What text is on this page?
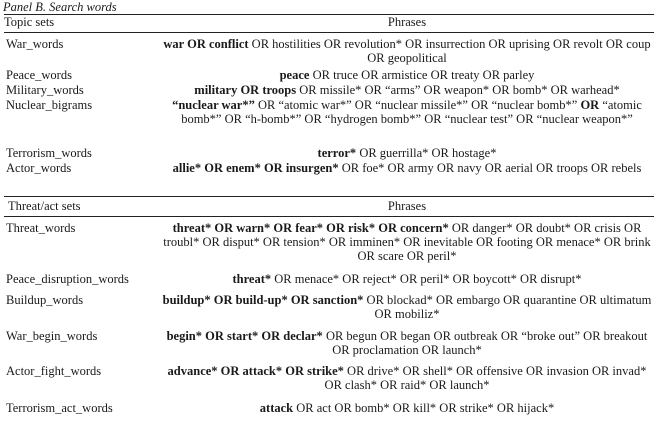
Panel B. Search words
Topic sets	Phrases
War_words	war OR conflict OR hostilities OR revolution* OR insurrection OR uprising OR revolt OR coup OR geopolitical
Peace_words	peace OR truce OR armistice OR treaty OR parley
Military_words	military OR troops OR missile* OR “arms” OR weapon* OR bomb* OR warhead*
Nuclear_bigrams	“nuclear war*” OR “atomic war*” OR “nuclear missile*” OR “nuclear bomb*” OR “atomic bomb*” OR “h-bomb*” OR “hydrogen bomb*” OR “nuclear test” OR “nuclear weapon*”
Terrorism_words	terror* OR guerrilla* OR hostage*
Actor_words	allie* OR enem* OR insurgen* OR foe* OR army OR navy OR aerial OR troops OR rebels
Threat/act sets	Phrases
Threat_words	threat* OR warn* OR fear* OR risk* OR concern* OR danger* OR doubt* OR crisis OR troubl* OR disput* OR tension* OR imminen* OR inevitable OR footing OR menace* OR brink OR scare OR peril*
Peace_disruption_words	threat* OR menace* OR reject* OR peril* OR boycott* OR disrupt*
Buildup_words	buildup* OR build-up* OR sanction* OR blockad* OR embargo OR quarantine OR ultimatum OR mobiliz*
War_begin_words	begin* OR start* OR declar* OR begun OR began OR outbreak OR “broke out” OR breakout OR proclamation OR launch*
Actor_fight_words	advance* OR attack* OR strike* OR drive* OR shell* OR offensive OR invasion OR invad* OR clash* OR raid* OR launch*
Terrorism_act_words	attack OR act OR bomb* OR kill* OR strike* OR hijack*
